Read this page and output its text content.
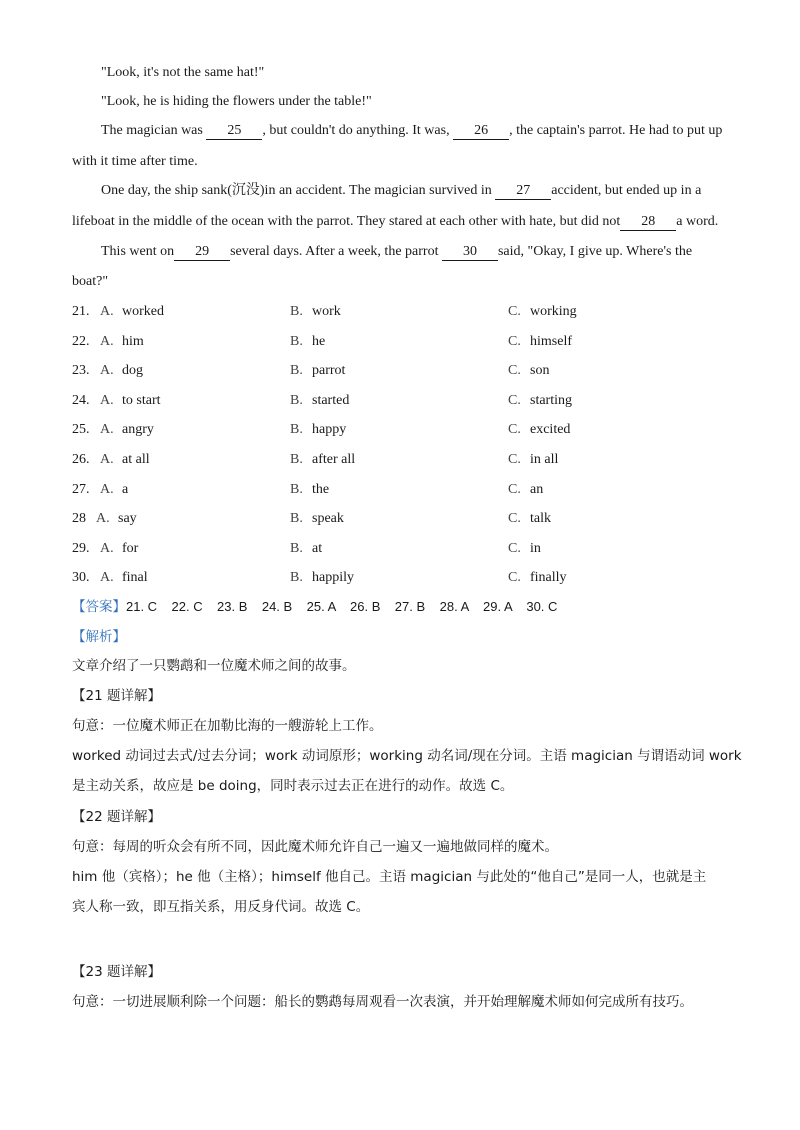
"Look, it's not the same hat!"
"Look, he is hiding the flowers under the table!"
The magician was 25 , but couldn't do anything. It was, 26 , the captain's parrot. He had to put up
with it time after time.
One day, the ship sank(沉没)in an accident. The magician survived in 27 accident, but ended up in a
lifeboat in the middle of the ocean with the parrot. They stared at each other with hate, but did not 28 a word.
This went on 29 several days. After a week, the parrot 30 said, "Okay, I give up. Where's the
boat?"
21. A. worked	B. work	C. working
22. A. him	B. he	C. himself
23. A. dog	B. parrot	C. son
24. A. to start	B. started	C. starting
25. A. angry	B. happy	C. excited
26. A. at all	B. after all	C. in all
27. A. a	B. the	C. an
28 A. say	B. speak	C. talk
29. A. for	B. at	C. in
30. A. final	B. happily	C. finally
【答案】21. C    22. C    23. B    24. B    25. A    26. B    27. B    28. A    29. A    30. C
【解析】
文章介绍了一只鹦鹉和一位魔术师之间的故事。
【21 题详解】
句意：一位魔术师正在加勒比海的一艘游轮上工作。
worked 动词过去式/过去分词；work 动词原形；working 动名词/现在分词。主语 magician 与谓语动词 work
是主动关系，故应是 be doing，同时表示过去正在进行的动作。故选 C。
【22 题详解】
句意：每周的听众会有所不同，因此魔术师允许自己一遍又一遍地做同样的魔术。
him 他（宾格）；he 他（主格）；himself 他自己。主语 magician 与此处的“他自己”是同一人，也就是主
宾人称一致，即互指关系，用反身代词。故选 C。
【23 题详解】
句意：一切进展顺利除一个问题：船长的鹦鹉每周观看一次表演，并开始理解魔术师如何完成所有技巧。
